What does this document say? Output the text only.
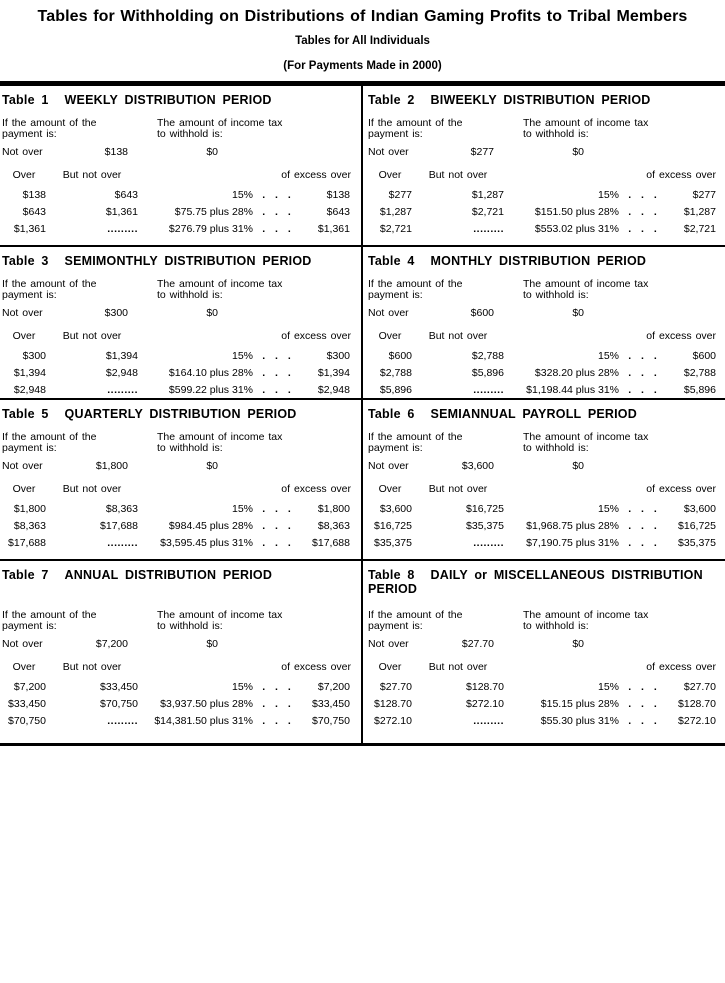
Tables for Withholding on Distributions of Indian Gaming Profits to Tribal Members
Tables for All Individuals
(For Payments Made in 2000)
Table 1 WEEKLY DISTRIBUTION PERIOD
If the amount of the
payment is:
The amount of income tax
to withhold is:
Not over	$138	$0
Over	But not over	of excess over
$138	$643	15% . . .	$138
$643	$1,361	$75.75 plus 28% . . .	$643
$1,361	.........	$276.79 plus 31% . . .	$1,361
Table 2 BIWEEKLY DISTRIBUTION PERIOD
If the amount of the
payment is:
The amount of income tax
to withhold is:
Not over	$277	$0
Over	But not over	of excess over
$277	$1,287	15% . . .	$277
$1,287	$2,721	$151.50 plus 28% . . .	$1,287
$2,721	.........	$553.02 plus 31% . . .	$2,721
Table 3 SEMIMONTHLY DISTRIBUTION PERIOD
If the amount of the
payment is:
The amount of income tax
to withhold is:
Not over	$300	$0
Over	But not over	of excess over
$300	$1,394	15% . . .	$300
$1,394	$2,948	$164.10 plus 28% . . .	$1,394
$2,948	.........	$599.22 plus 31% . . .	$2,948
Table 4 MONTHLY DISTRIBUTION PERIOD
If the amount of the
payment is:
The amount of income tax
to withhold is:
Not over	$600	$0
Over	But not over	of excess over
$600	$2,788	15% . . .	$600
$2,788	$5,896	$328.20 plus 28% . . .	$2,788
$5,896	.........	$1,198.44 plus 31% . . .	$5,896
Table 5 QUARTERLY DISTRIBUTION PERIOD
If the amount of the
payment is:
The amount of income tax
to withhold is:
Not over	$1,800	$0
Over	But not over	of excess over
$1,800	$8,363	15% . . .	$1,800
$8,363	$17,688	$984.45 plus 28% . . .	$8,363
$17,688	.........	$3,595.45 plus 31% . . .	$17,688
Table 6 SEMIANNUAL PAYROLL PERIOD
If the amount of the
payment is:
The amount of income tax
to withhold is:
Not over	$3,600	$0
Over	But not over	of excess over
$3,600	$16,725	15% . . .	$3,600
$16,725	$35,375	$1,968.75 plus 28% . . .	$16,725
$35,375	.........	$7,190.75 plus 31% . . .	$35,375
Table 7 ANNUAL DISTRIBUTION PERIOD
If the amount of the
payment is:
The amount of income tax
to withhold is:
Not over	$7,200	$0
Over	But not over	of excess over
$7,200	$33,450	15% . . .	$7,200
$33,450	$70,750	$3,937.50 plus 28% . . .	$33,450
$70,750	.........	$14,381.50 plus 31% . . .	$70,750
Table 8 DAILY or MISCELLANEOUS DISTRIBUTION PERIOD
If the amount of the
payment is:
The amount of income tax
to withhold is:
Not over	$27.70	$0
Over	But not over	of excess over
$27.70	$128.70	15% . . .	$27.70
$128.70	$272.10	$15.15 plus 28% . . .	$128.70
$272.10	.........	$55.30 plus 31% . . .	$272.10
